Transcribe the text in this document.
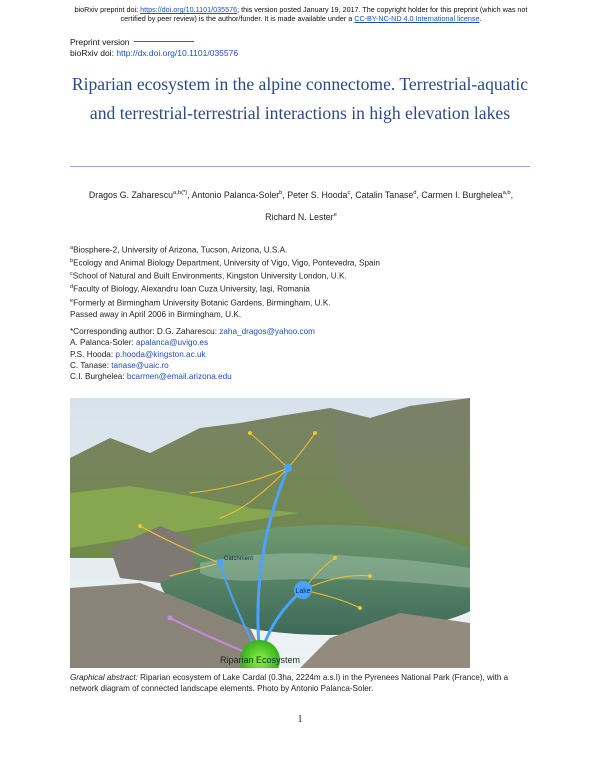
bioRxiv preprint doi: https://doi.org/10.1101/035576; this version posted January 19, 2017. The copyright holder for this preprint (which was not
certified by peer review) is the author/funder. It is made available under a CC-BY-NC-ND 4.0 International license.
Preprint version
bioRxiv doi: http://dx.doi.org/10.1101/035576
Riparian ecosystem in the alpine connectome. Terrestrial-aquatic and terrestrial-terrestrial interactions in high elevation lakes
Dragos G. Zaharescu$^{a,b(*)}$, Antonio Palanca-Soler$^b$, Peter S. Hooda$^c$, Catalin Tanase$^d$, Carmen I. Burghelea$^{a,b}$, Richard N. Lester$^e$
$^a$Biosphere-2, University of Arizona, Tucson, Arizona, U.S.A.
$^b$Ecology and Animal Biology Department, University of Vigo, Vigo, Pontevedra, Spain
$^c$School of Natural and Built Environments, Kingston University London, U.K.
$^d$Faculty of Biology, Alexandru Ioan Cuza University, Iaşi, Romania
$^e$Formerly at Birmingham University Botanic Gardens, Birmingham, U.K.
Passed away in April 2006 in Birmingham, U.K.
*Corresponding author: D.G. Zaharescu: zaha_dragos@yahoo.com
A. Palanca-Soler: apalanca@uvigo.es
P.S. Hooda: p.hooda@kingston.ac.uk
C. Tanase: tanase@uaic.ro
C.I. Burghelea: bcarmen@email.arizona.edu
Lake
Catchment
Riparian Ecosystem
Graphical abstract: Riparian ecosystem of Lake Cardal (0.3ha, 2224m a.s.l) in the Pyrenees National Park (France), with a network diagram of connected landscape elements. Photo by Antonio Palanca-Soler.
1
